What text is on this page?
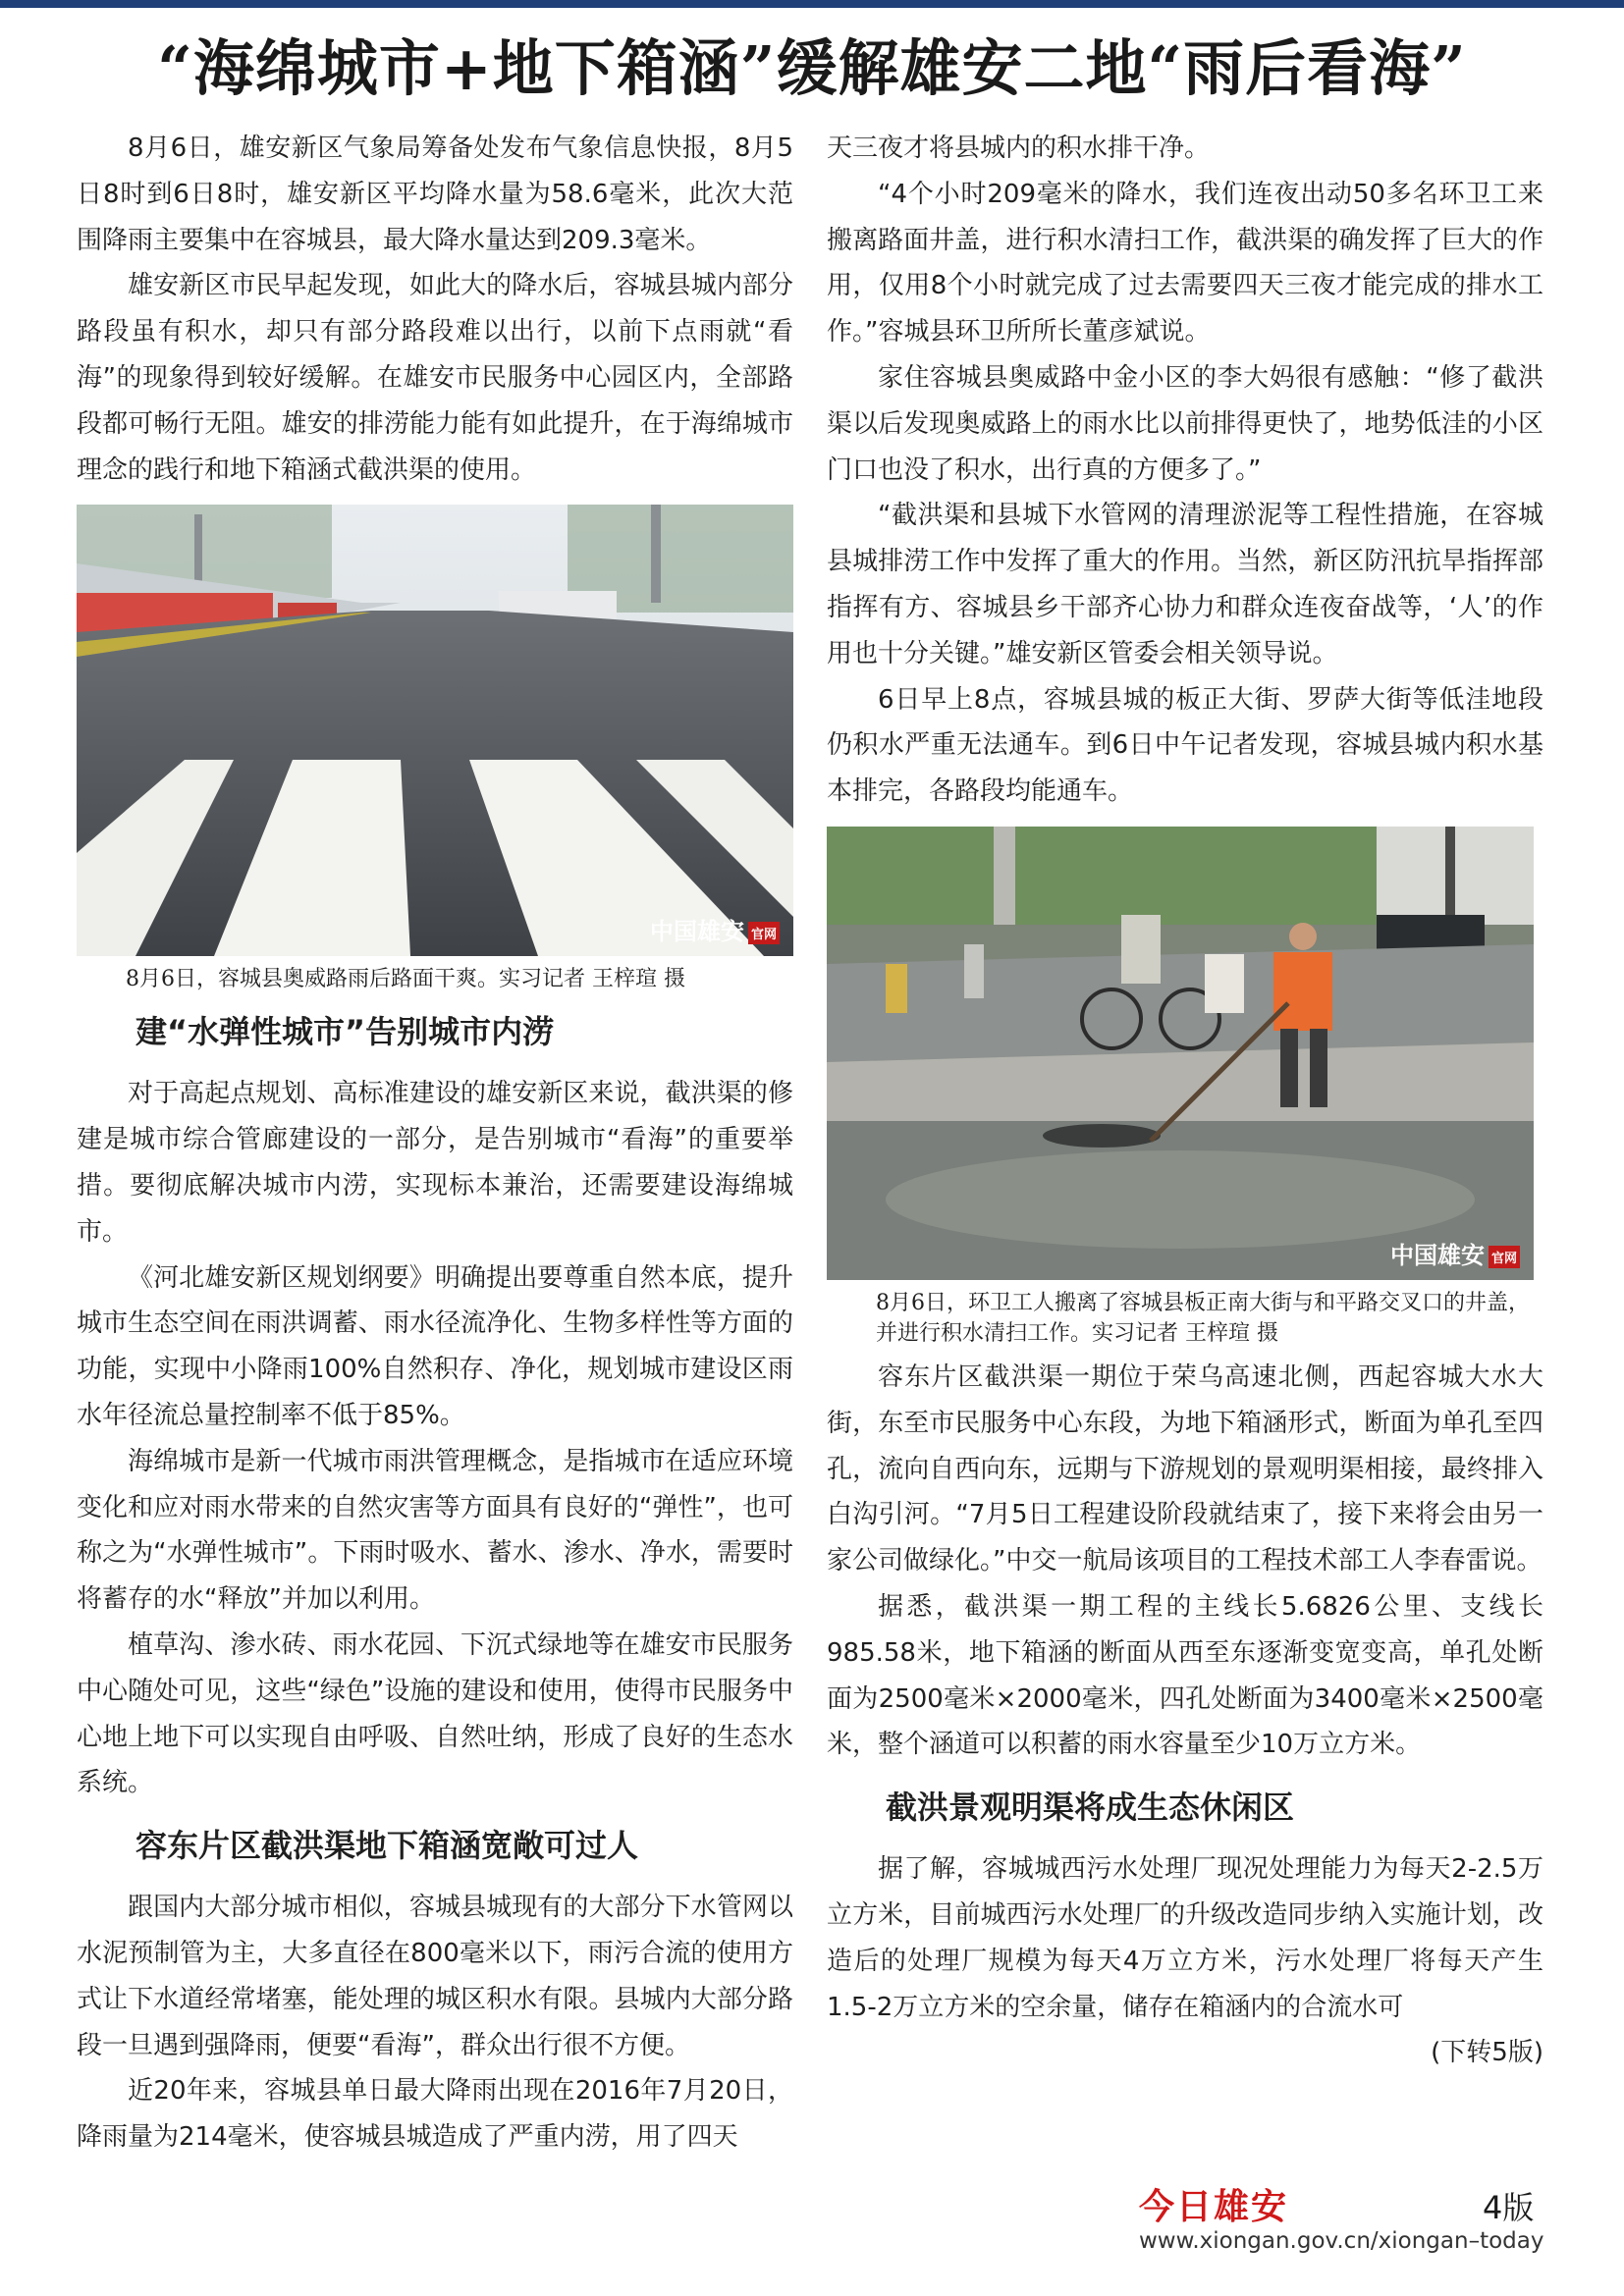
“海绵城市+地下箱涵”缓解雄安二地“雨后看海”

8月6日，雄安新区气象局筹备处发布气象信息快报，8月5日8时到6日8时，雄安新区平均降水量为58.6毫米，此次大范围降雨主要集中在容城县，最大降水量达到209.3毫米。

雄安新区市民早起发现，如此大的降水后，容城县城内部分路段虽有积水，却只有部分路段难以出行，以前下点雨就“看海”的现象得到较好缓解。在雄安市民服务中心园区内，全部路段都可畅行无阻。雄安的排涝能力能有如此提升，在于海绵城市理念的践行和地下箱涵式截洪渠的使用。

中国雄安 官网

8月6日，容城县奥威路雨后路面干爽。实习记者 王梓瑄 摄

建“水弹性城市”告别城市内涝

对于高起点规划、高标准建设的雄安新区来说，截洪渠的修建是城市综合管廊建设的一部分，是告别城市“看海”的重要举措。要彻底解决城市内涝，实现标本兼治，还需要建设海绵城市。

《河北雄安新区规划纲要》明确提出要尊重自然本底，提升城市生态空间在雨洪调蓄、雨水径流净化、生物多样性等方面的功能，实现中小降雨100%自然积存、净化，规划城市建设区雨水年径流总量控制率不低于85%。

海绵城市是新一代城市雨洪管理概念，是指城市在适应环境变化和应对雨水带来的自然灾害等方面具有良好的“弹性”，也可称之为“水弹性城市”。下雨时吸水、蓄水、渗水、净水，需要时将蓄存的水“释放”并加以利用。

植草沟、渗水砖、雨水花园、下沉式绿地等在雄安市民服务中心随处可见，这些“绿色”设施的建设和使用，使得市民服务中心地上地下可以实现自由呼吸、自然吐纳，形成了良好的生态水系统。

容东片区截洪渠地下箱涵宽敞可过人

跟国内大部分城市相似，容城县城现有的大部分下水管网以水泥预制管为主，大多直径在800毫米以下，雨污合流的使用方式让下水道经常堵塞，能处理的城区积水有限。县城内大部分路段一旦遇到强降雨，便要“看海”，群众出行很不方便。

近20年来，容城县单日最大降雨出现在2016年7月20日，降雨量为214毫米，使容城县城造成了严重内涝，用了四天

天三夜才将县城内的积水排干净。

“4个小时209毫米的降水，我们连夜出动50多名环卫工来搬离路面井盖，进行积水清扫工作，截洪渠的确发挥了巨大的作用，仅用8个小时就完成了过去需要四天三夜才能完成的排水工作。”容城县环卫所所长董彦斌说。

家住容城县奥威路中金小区的李大妈很有感触：“修了截洪渠以后发现奥威路上的雨水比以前排得更快了，地势低洼的小区门口也没了积水，出行真的方便多了。”

“截洪渠和县城下水管网的清理淤泥等工程性措施，在容城县城排涝工作中发挥了重大的作用。当然，新区防汛抗旱指挥部指挥有方、容城县乡干部齐心协力和群众连夜奋战等，‘人’的作用也十分关键。”雄安新区管委会相关领导说。

6日早上8点，容城县城的板正大街、罗萨大街等低洼地段仍积水严重无法通车。到6日中午记者发现，容城县城内积水基本排完，各路段均能通车。

中国雄安 官网

8月6日，环卫工人搬离了容城县板正南大街与和平路交叉口的井盖，并进行积水清扫工作。实习记者 王梓瑄 摄

容东片区截洪渠一期位于荣乌高速北侧，西起容城大水大街，东至市民服务中心东段，为地下箱涵形式，断面为单孔至四孔，流向自西向东，远期与下游规划的景观明渠相接，最终排入白沟引河。“7月5日工程建设阶段就结束了，接下来将会由另一家公司做绿化。”中交一航局该项目的工程技术部工人李春雷说。

据悉，截洪渠一期工程的主线长5.6826公里、支线长985.58米，地下箱涵的断面从西至东逐渐变宽变高，单孔处断面为2500毫米×2000毫米，四孔处断面为3400毫米×2500毫米，整个涵道可以积蓄的雨水容量至少10万立方米。

截洪景观明渠将成生态休闲区

据了解，容城城西污水处理厂现况处理能力为每天2-2.5万立方米，目前城西污水处理厂的升级改造同步纳入实施计划，改造后的处理厂规模为每天4万立方米，污水处理厂将每天产生1.5-2万立方米的空余量，储存在箱涵内的合流水可

(下转5版)

今日雄安	4版
www.xiongan.gov.cn/xiongan–today
